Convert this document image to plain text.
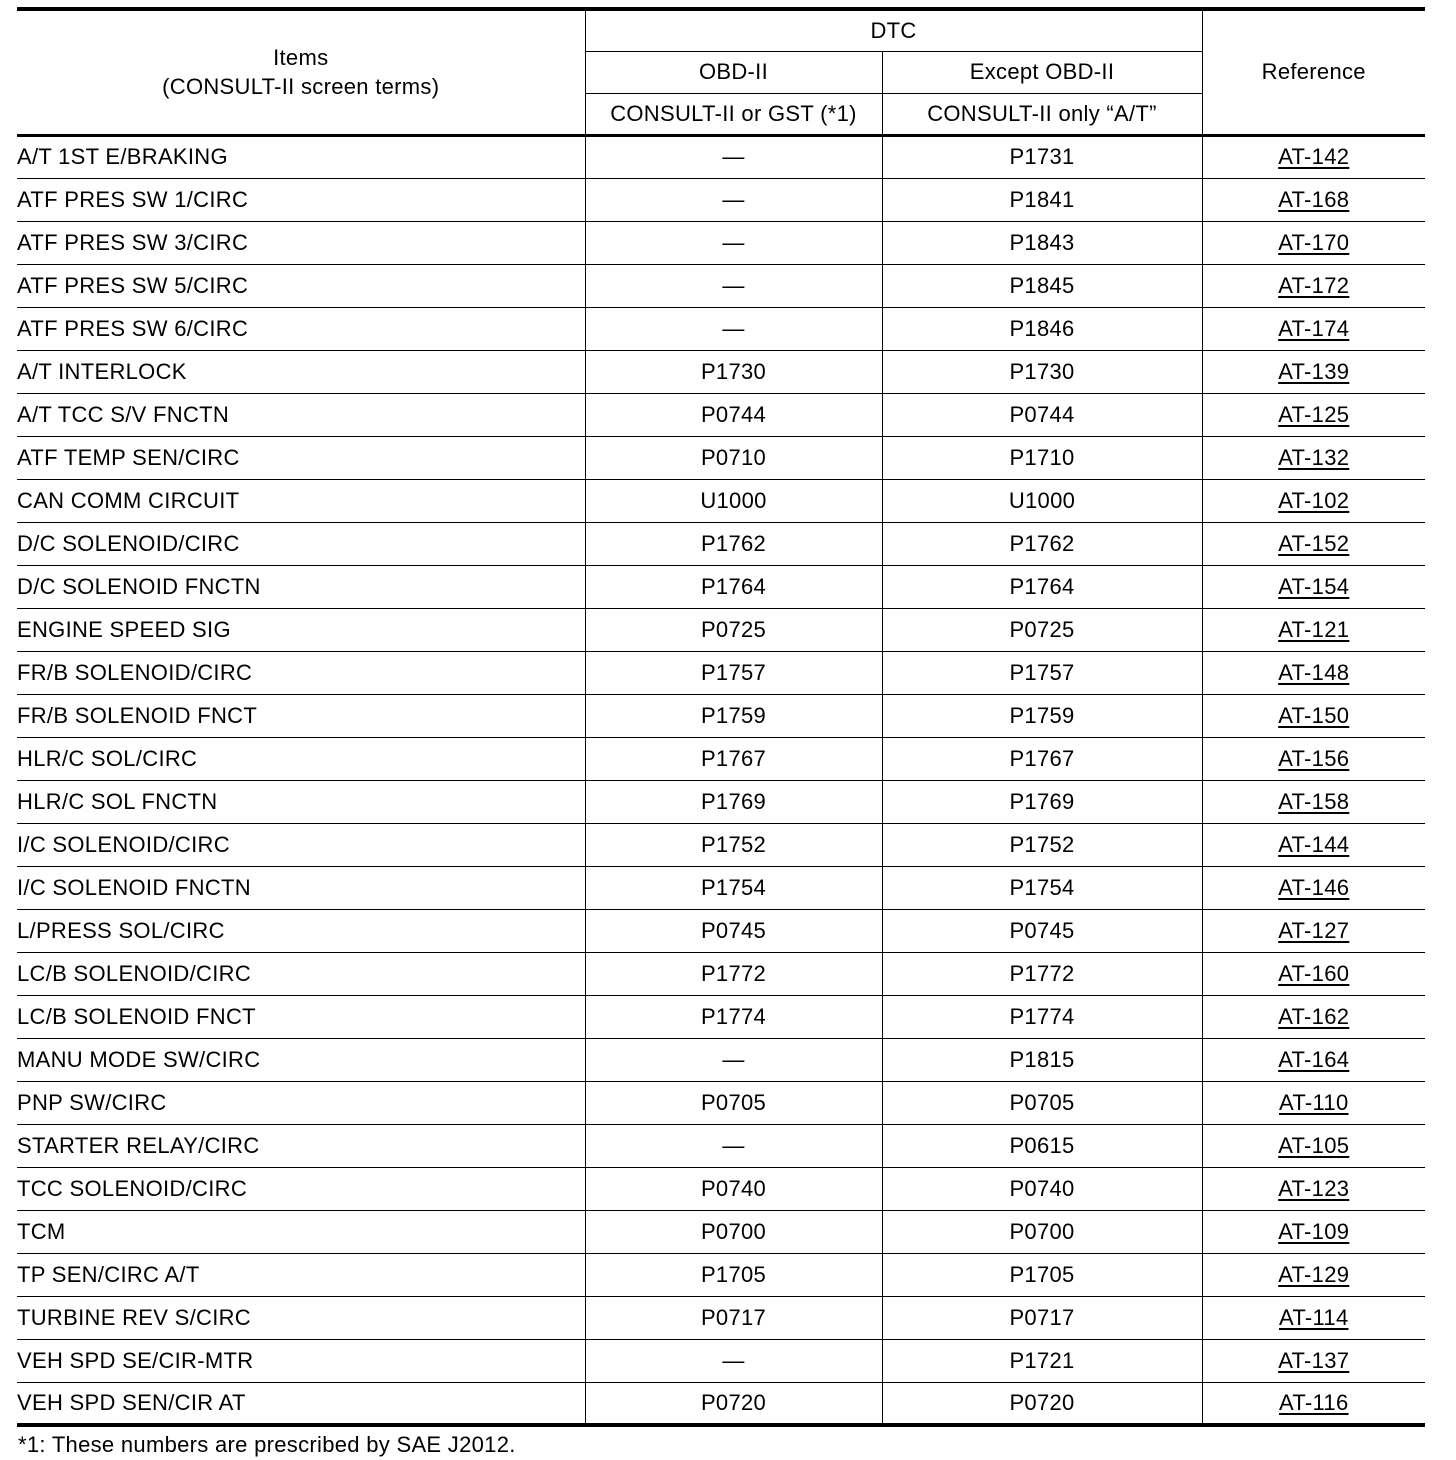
Items
(CONSULT-II screen terms)	DTC		Reference
	OBD-II	Except OBD-II	
	CONSULT-II or GST (*1)	CONSULT-II only “A/T”	
A/T 1ST E/BRAKING	—	P1731	AT-142
ATF PRES SW 1/CIRC	—	P1841	AT-168
ATF PRES SW 3/CIRC	—	P1843	AT-170
ATF PRES SW 5/CIRC	—	P1845	AT-172
ATF PRES SW 6/CIRC	—	P1846	AT-174
A/T INTERLOCK	P1730	P1730	AT-139
A/T TCC S/V FNCTN	P0744	P0744	AT-125
ATF TEMP SEN/CIRC	P0710	P1710	AT-132
CAN COMM CIRCUIT	U1000	U1000	AT-102
D/C SOLENOID/CIRC	P1762	P1762	AT-152
D/C SOLENOID FNCTN	P1764	P1764	AT-154
ENGINE SPEED SIG	P0725	P0725	AT-121
FR/B SOLENOID/CIRC	P1757	P1757	AT-148
FR/B SOLENOID FNCT	P1759	P1759	AT-150
HLR/C SOL/CIRC	P1767	P1767	AT-156
HLR/C SOL FNCTN	P1769	P1769	AT-158
I/C SOLENOID/CIRC	P1752	P1752	AT-144
I/C SOLENOID FNCTN	P1754	P1754	AT-146
L/PRESS SOL/CIRC	P0745	P0745	AT-127
LC/B SOLENOID/CIRC	P1772	P1772	AT-160
LC/B SOLENOID FNCT	P1774	P1774	AT-162
MANU MODE SW/CIRC	—	P1815	AT-164
PNP SW/CIRC	P0705	P0705	AT-110
STARTER RELAY/CIRC	—	P0615	AT-105
TCC SOLENOID/CIRC	P0740	P0740	AT-123
TCM	P0700	P0700	AT-109
TP SEN/CIRC A/T	P1705	P1705	AT-129
TURBINE REV S/CIRC	P0717	P0717	AT-114
VEH SPD SE/CIR-MTR	—	P1721	AT-137
VEH SPD SEN/CIR AT	P0720	P0720	AT-116
*1: These numbers are prescribed by SAE J2012.
